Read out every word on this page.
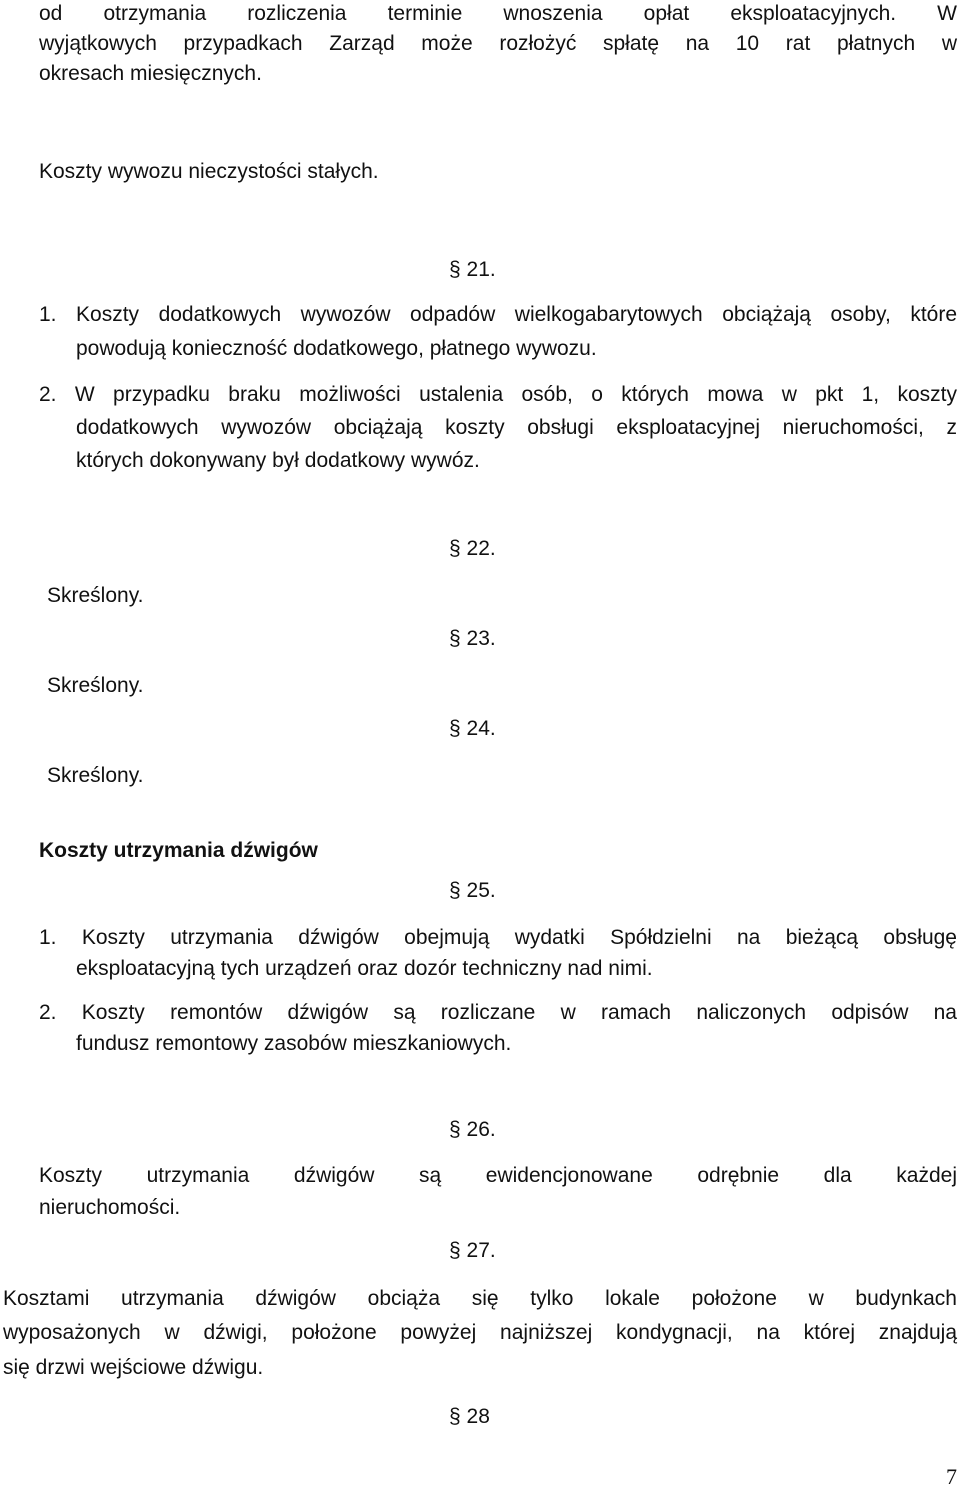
od otrzymania rozliczenia terminie wnoszenia opłat eksploatacyjnych. W
wyjątkowych przypadkach Zarząd może rozłożyć spłatę na 10 rat płatnych w
okresach miesięcznych.
Koszty wywozu nieczystości stałych.
§ 21.
1. Koszty dodatkowych wywozów odpadów wielkogabarytowych obciążają osoby, które
powodują konieczność dodatkowego, płatnego wywozu.
2. W przypadku braku możliwości ustalenia osób, o których mowa w pkt 1, koszty
dodatkowych wywozów obciążają koszty obsługi eksploatacyjnej nieruchomości, z
których dokonywany był dodatkowy wywóz.
§ 22.
Skreślony.
§ 23.
Skreślony.
§ 24.
Skreślony.
Koszty utrzymania dźwigów
§ 25.
1. Koszty utrzymania dźwigów obejmują wydatki Spółdzielni na bieżącą obsługę
eksploatacyjną tych urządzeń oraz dozór techniczny nad nimi.
2. Koszty remontów dźwigów są rozliczane w ramach naliczonych odpisów na
fundusz remontowy zasobów mieszkaniowych.
§ 26.
Koszty utrzymania dźwigów są ewidencjonowane odrębnie dla każdej
nieruchomości.
§ 27.
Kosztami utrzymania dźwigów obciąża się tylko lokale położone w budynkach
wyposażonych w dźwigi, położone powyżej najniższej kondygnacji, na której znajdują
się drzwi wejściowe dźwigu.
§ 28
7
